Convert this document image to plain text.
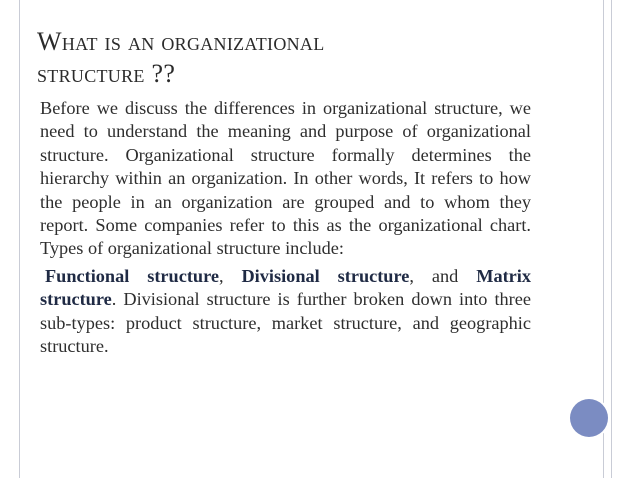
What is an organizational
structure ??

Before we discuss the differences in organizational structure, we need to understand the meaning and purpose of organizational structure. Organizational structure formally determines the hierarchy within an organization. In other words, It refers to how the people in an organization are grouped and to whom they report. Some companies refer to this as the organizational chart. Types of organizational structure include:

Functional structure, Divisional structure, and Matrix structure. Divisional structure is further broken down into three sub-types: product structure, market structure, and geographic structure.
